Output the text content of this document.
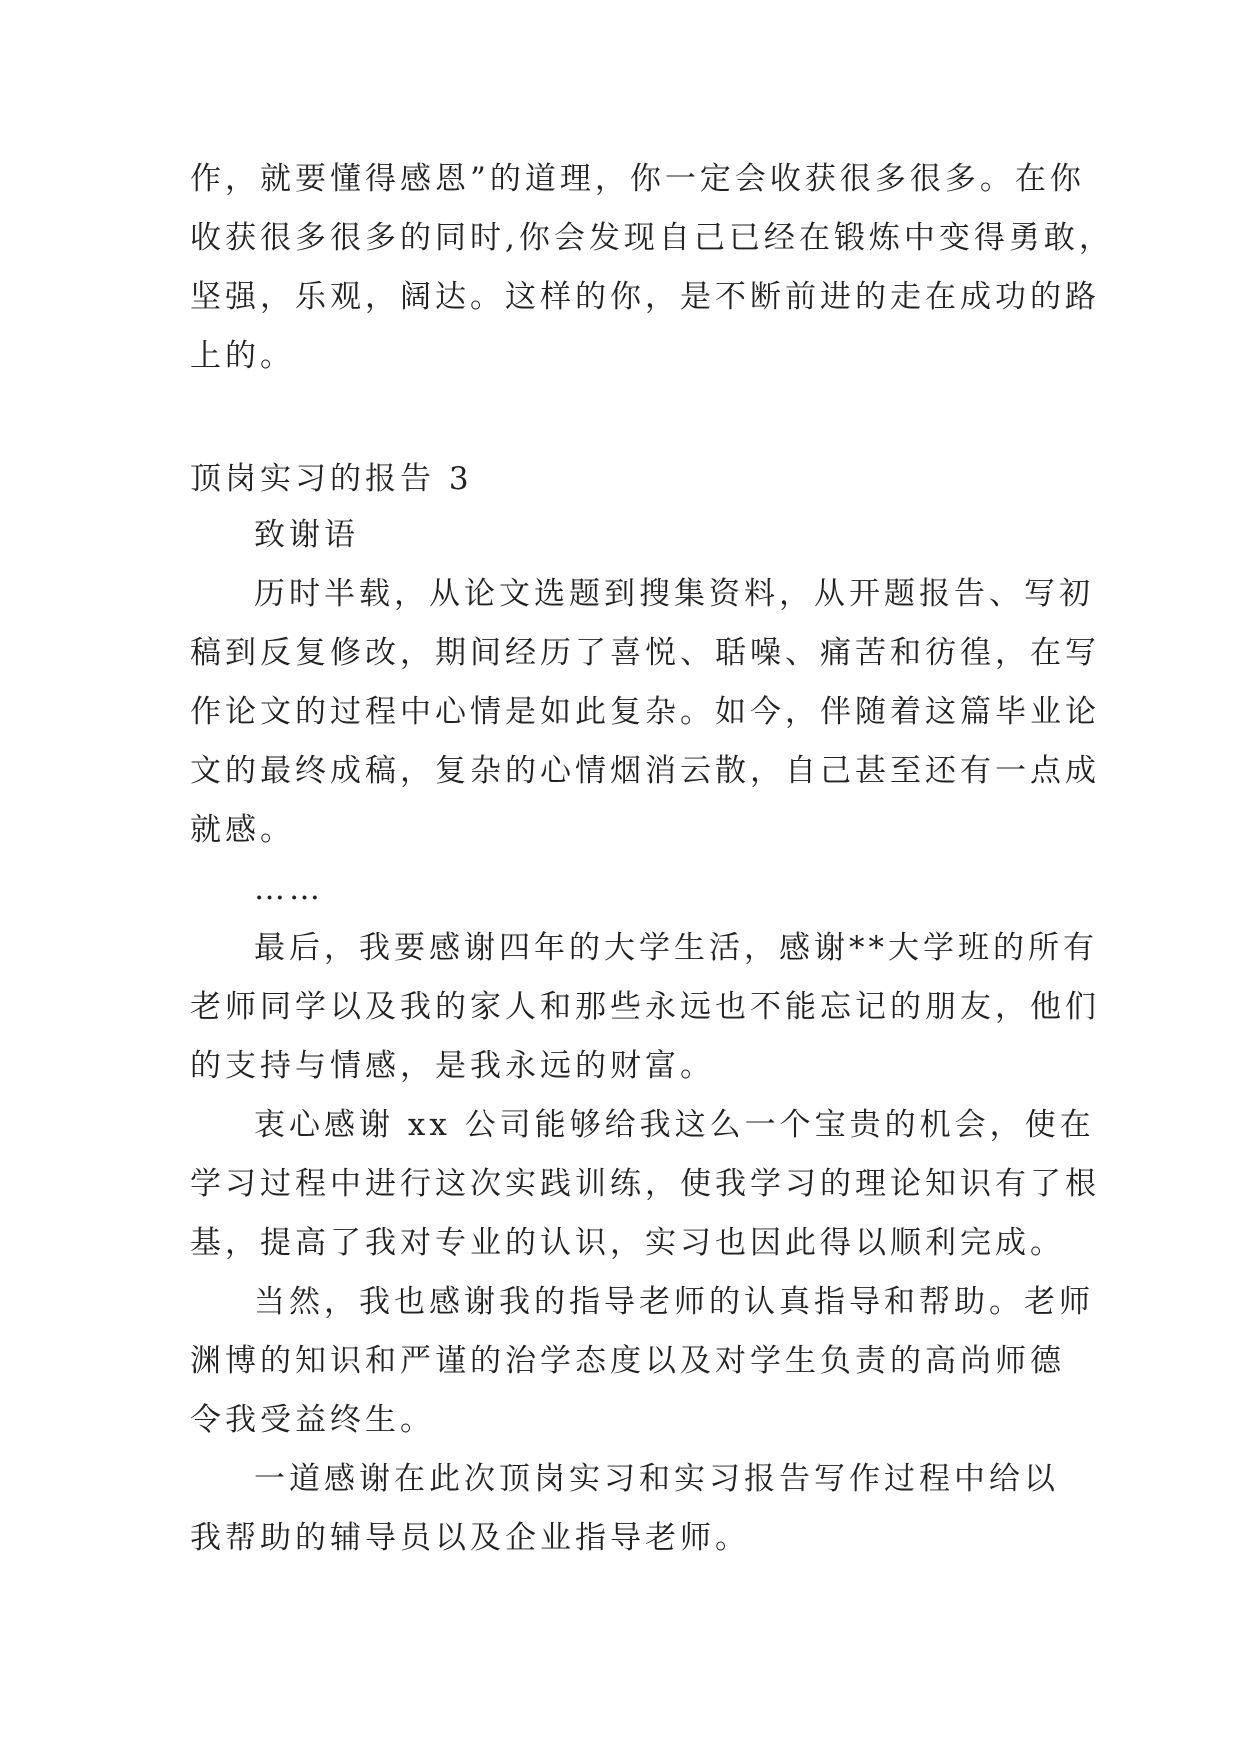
作，就要懂得感恩”的道理，你一定会收获很多很多。在你
收获很多很多的同时,你会发现自己已经在锻炼中变得勇敢，
坚强，乐观，阔达。这样的你，是不断前进的走在成功的路
上的。
顶岗实习的报告 3
致谢语
历时半载，从论文选题到搜集资料，从开题报告、写初
稿到反复修改，期间经历了喜悦、聒噪、痛苦和彷徨，在写
作论文的过程中心情是如此复杂。如今，伴随着这篇毕业论
文的最终成稿，复杂的心情烟消云散，自己甚至还有一点成
就感。
……
最后，我要感谢四年的大学生活，感谢**大学班的所有
老师同学以及我的家人和那些永远也不能忘记的朋友，他们
的支持与情感，是我永远的财富。
衷心感谢 xx 公司能够给我这么一个宝贵的机会，使在
学习过程中进行这次实践训练，使我学习的理论知识有了根
基，提高了我对专业的认识，实习也因此得以顺利完成。
当然，我也感谢我的指导老师的认真指导和帮助。老师
渊博的知识和严谨的治学态度以及对学生负责的高尚师德
令我受益终生。
一道感谢在此次顶岗实习和实习报告写作过程中给以
我帮助的辅导员以及企业指导老师。
